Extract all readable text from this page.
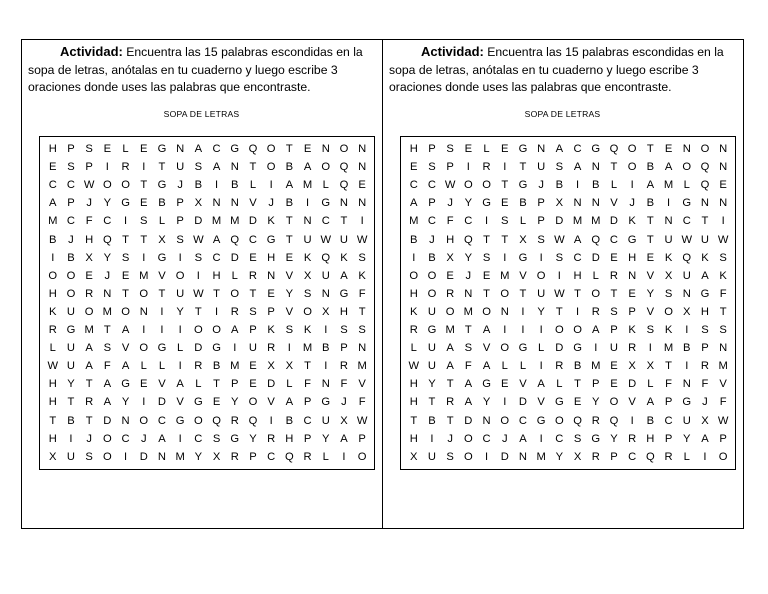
Actividad: Encuentra las 15 palabras escondidas en la sopa de letras, anótalas en tu cuaderno y luego escribe 3 oraciones donde uses las palabras que encontraste.

SOPA DE LETRAS
H P S E	L	E G N A C G Q O T E N O N
E S P	I	R	I	T U S A N T O B A O Q N
C C W O O T G J	B	I	B	L	I	A M L Q E
A P	J	Y G E B P X N N V	J	B	I	G N N
M C F C	I	S	L	P D M M D K T N C T	I
B	J	H Q T	T X S W A Q C G T U W U W
I	B X Y S	I	G	I	S C D E H E K Q K S
O O E	J	E M V O	I	H L R N V X U A K
H O R N T O T U W T O T E Y S N G F
K U O M O N	I	Y T	I	R S P V O X H T
R G M T A	I	I	I	O O A P K S K	I	S S
L U A S V O G L D G	I	U R	I	M B P N
W U A F A	L	L	I	R B M E X X T	I	R M
H Y T A G E V A	L	T P E D L	F N F V
H T R A Y	I	D V G E Y O V A P G J	F
T B T D N O C G O Q R Q	I	B C U X W
H	I	J O C	J	A	I	C S G Y R H P Y A P
X U S O	I	D N M Y X R P C Q R L	I	O

Actividad: Encuentra las 15 palabras escondidas en la sopa de letras, anótalas en tu cuaderno y luego escribe 3 oraciones donde uses las palabras que encontraste.

SOPA DE LETRAS
H P S E	L	E G N A C G Q O T E N O N
E S P	I	R	I	T U S A N T O B A O Q N
C C W O O T G J	B	I	B	L	I	A M L Q E
A P	J	Y G E B P X N N V	J	B	I	G N N
M C F C	I	S	L	P D M M D K T N C T	I
B	J	H Q T	T X S W A Q C G T U W U W
I	B X Y S	I	G	I	S C D E H E K Q K S
O O E	J	E M V O	I	H L R N V X U A K
H O R N T O T U W T O T E Y S N G F
K U O M O N	I	Y T	I	R S P V O X H T
R G M T A	I	I	I	O O A P K S K	I	S S
L U A S V O G L D G	I	U R	I	M B P N
W U A F A	L	L	I	R B M E X X T	I	R M
H Y T A G E V A	L	T P E D L	F N F V
H T R A Y	I	D V G E Y O V A P G J	F
T B T D N O C G O Q R Q	I	B C U X W
H	I	J O C	J	A	I	C S G Y R H P Y A P
X U S O	I	D N M Y X R P C Q R L	I	O
